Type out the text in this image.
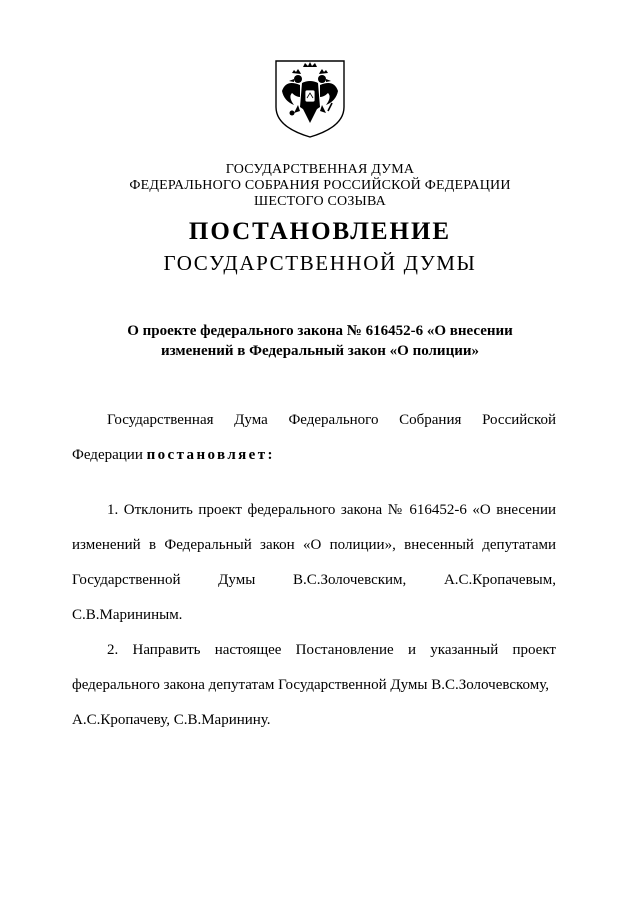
ГОСУДАРСТВЕННАЯ ДУМА
ФЕДЕРАЛЬНОГО СОБРАНИЯ РОССИЙСКОЙ ФЕДЕРАЦИИ
ШЕСТОГО СОЗЫВА
ПОСТАНОВЛЕНИЕ
ГОСУДАРСТВЕННОЙ ДУМЫ
О проекте федерального закона № 616452-6 «О внесении
изменений в Федеральный закон «О полиции»
Государственная Дума Федерального Собрания Российской
Федерации постановляет:
1. Отклонить проект федерального закона № 616452-6 «О внесении
изменений в Федеральный закон «О полиции», внесенный депутатами
Государственной Думы В.С.Золочевским, А.С.Кропачевым,
С.В.Марининым.
2. Направить настоящее Постановление и указанный проект
федерального закона депутатам Государственной Думы В.С.Золочевскому,
А.С.Кропачеву, С.В.Маринину.
